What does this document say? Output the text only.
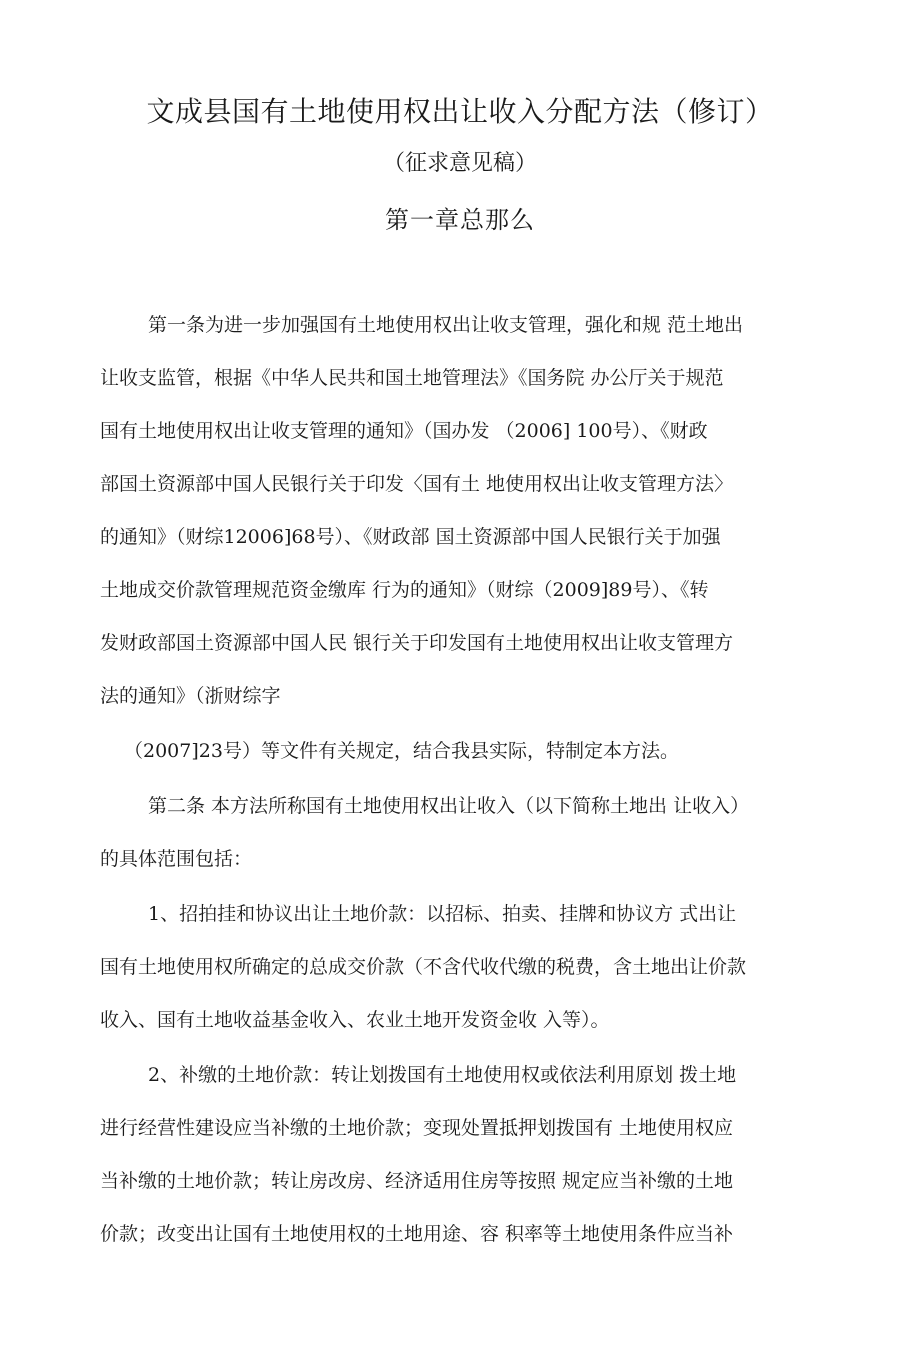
文成县国有土地使用权出让收入分配方法（修订）
（征求意见稿）
第一章总那么
第一条为进一步加强国有土地使用权出让收支管理，强化和规 范土地出
让收支监管，根据《中华人民共和国土地管理法》《国务院 办公厅关于规范
国有土地使用权出让收支管理的通知》（国办发 （2006] 100号）、《财政
部国土资源部中国人民银行关于印发〈国有土 地使用权出让收支管理方法〉
的通知》（财综12006]68号）、《财政部 国土资源部中国人民银行关于加强
土地成交价款管理规范资金缴库 行为的通知》（财综（2009]89号）、《转
发财政部国土资源部中国人民 银行关于印发国有土地使用权出让收支管理方
法的通知》（浙财综字
（2007]23号）等文件有关规定，结合我县实际，特制定本方法。
第二条 本方法所称国有土地使用权出让收入（以下简称土地出 让收入）
的具体范围包括：
1、招拍挂和协议出让土地价款：以招标、拍卖、挂牌和协议方 式出让
国有土地使用权所确定的总成交价款（不含代收代缴的税费，含土地出让价款
收入、国有土地收益基金收入、农业土地开发资金收 入等）。
2、补缴的土地价款：转让划拨国有土地使用权或依法利用原划 拨土地
进行经营性建设应当补缴的土地价款；变现处置抵押划拨国有 土地使用权应
当补缴的土地价款；转让房改房、经济适用住房等按照 规定应当补缴的土地
价款；改变出让国有土地使用权的土地用途、容 积率等土地使用条件应当补
